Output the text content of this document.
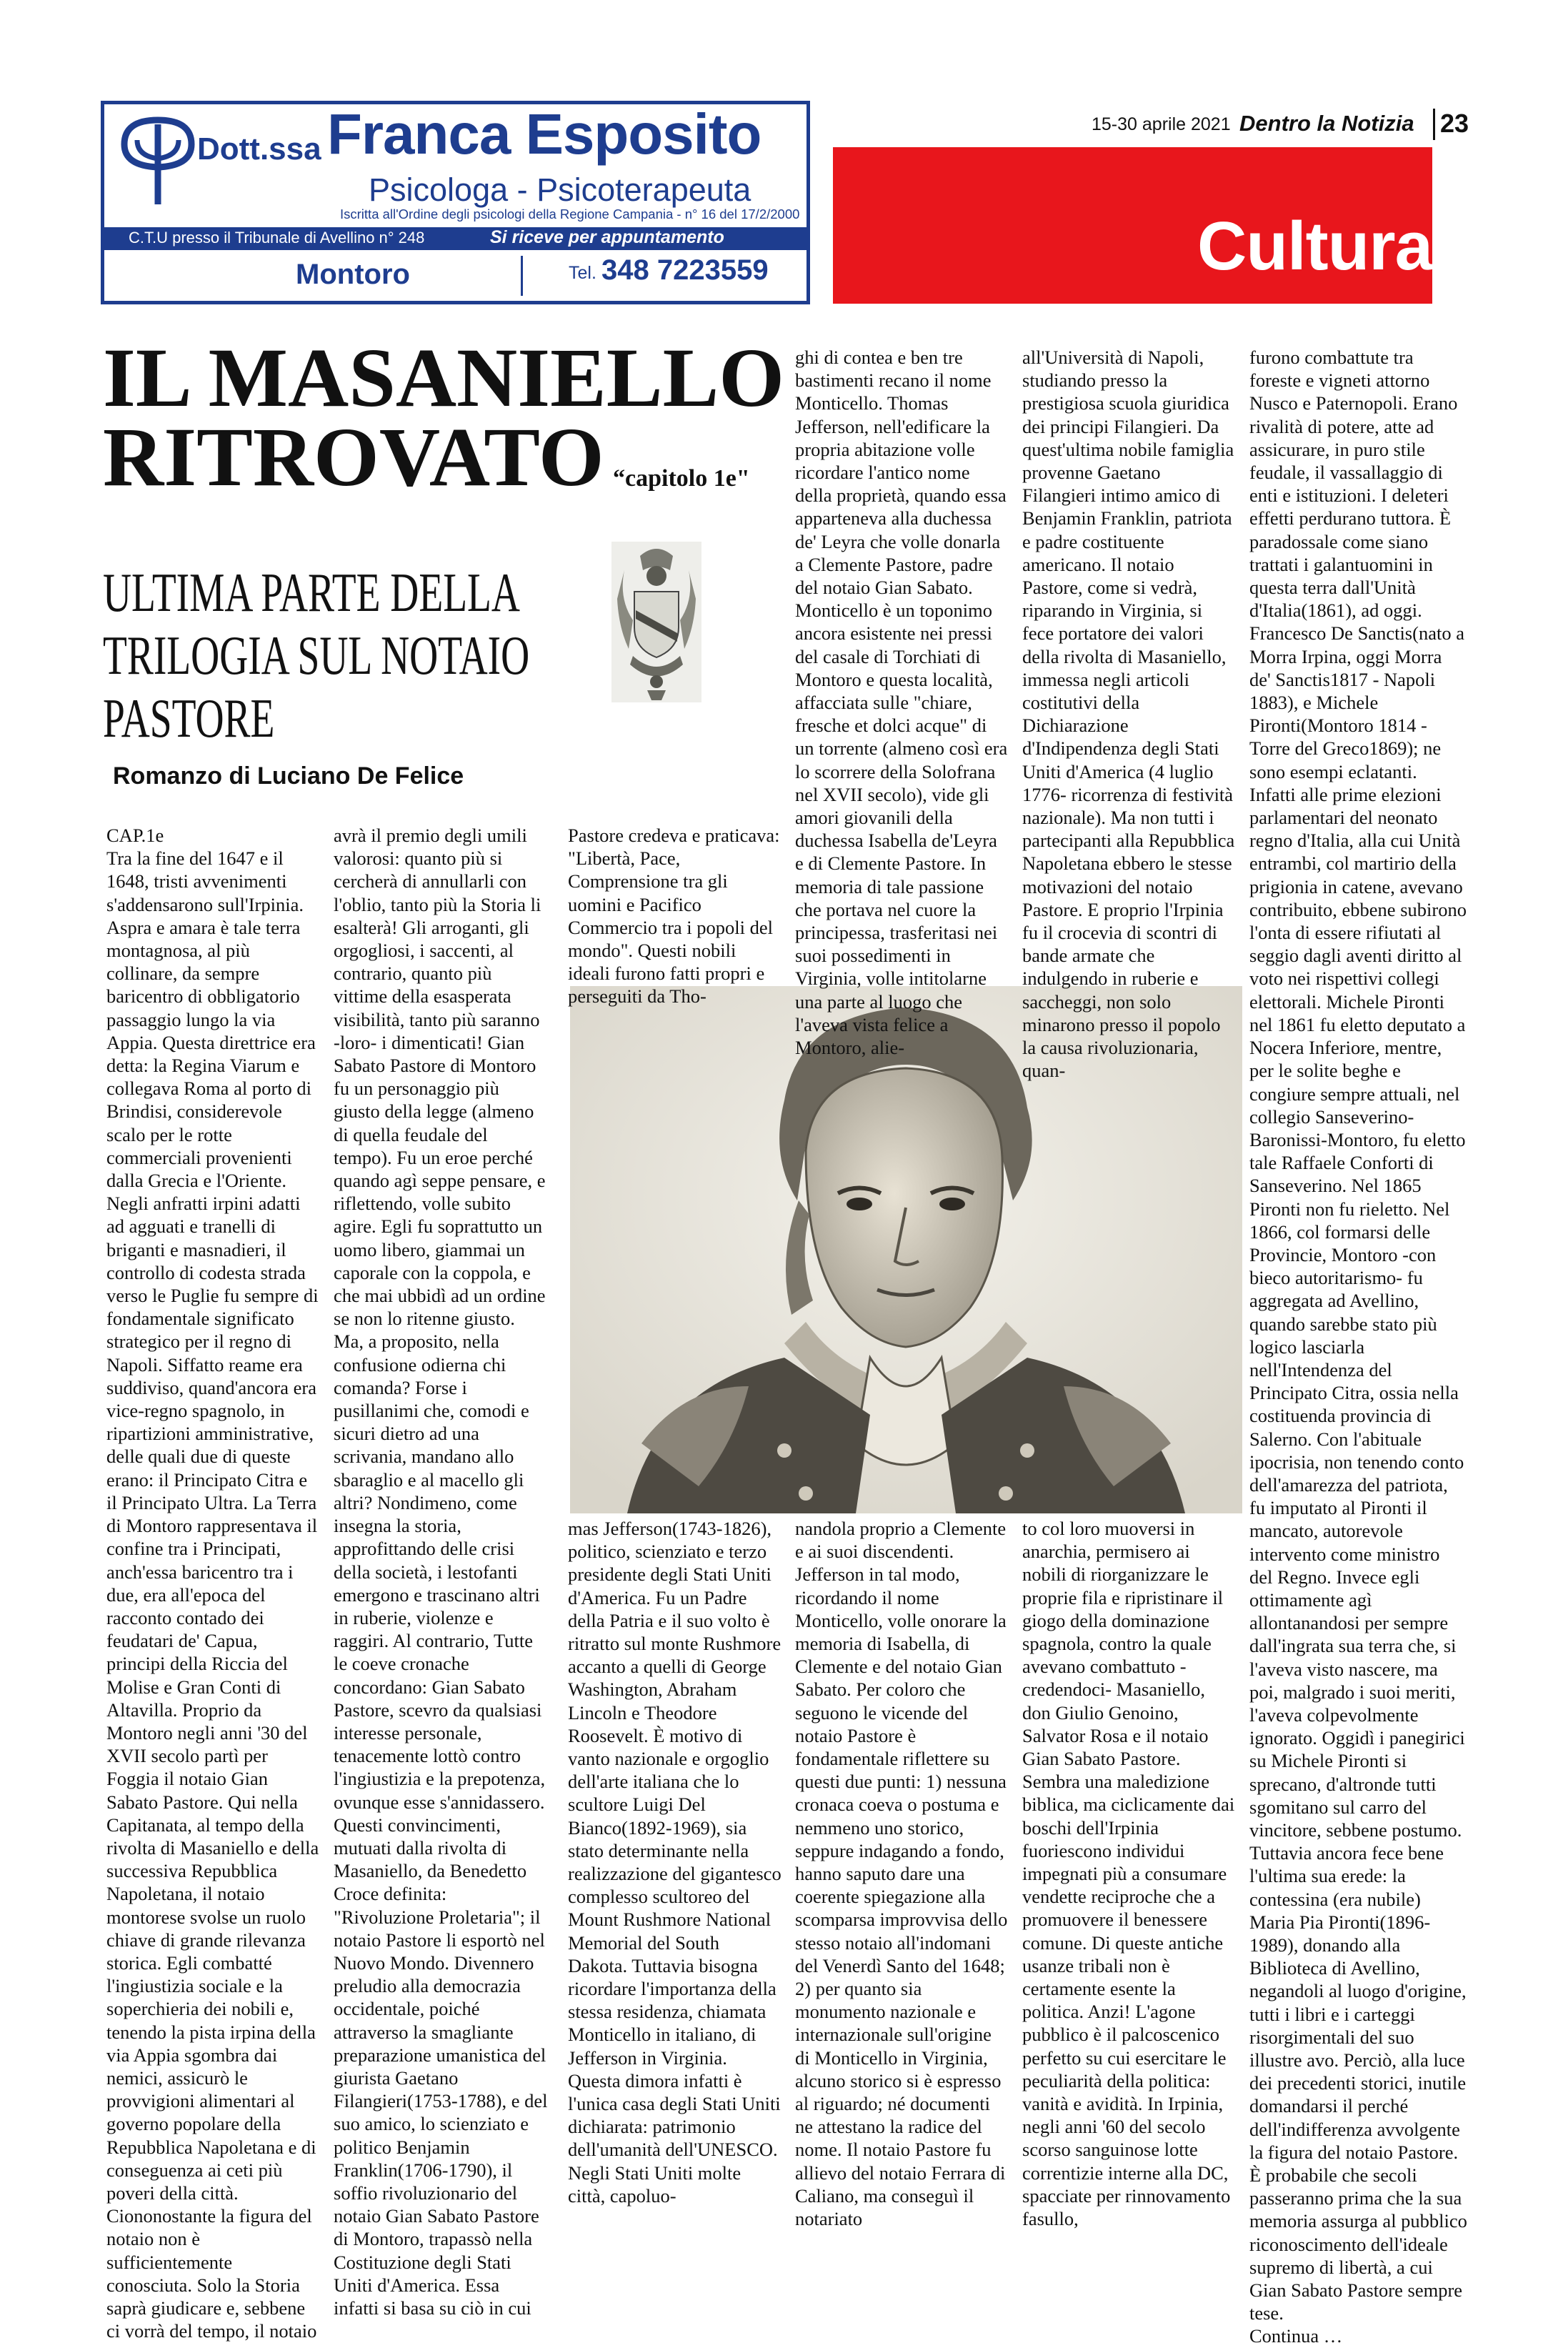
Dott.ssa Franca Esposito
Psicologa - Psicoterapeuta
Iscritta all'Ordine degli psicologi della Regione Campania - n° 16 del 17/2/2000
C.T.U presso il Tribunale di Avellino n° 248	Si riceve per appuntamento
Montoro	Tel. 348 7223559
15-30 aprile 2021 Dentro la Notizia 23
Cultura
IL MASANIELLO
RITROVATO “capitolo 1e"
ULTIMA PARTE DELLA
TRILOGIA SUL NOTAIO
PASTORE
Romanzo di Luciano De Felice

CAP.1e

Tra la fine del 1647 e il 1648, tristi avvenimenti s'addensarono sull'Irpinia. Aspra e amara è tale terra montagnosa, al più collinare, da sempre baricentro di obbligatorio passaggio lungo la via Appia. Questa direttrice era detta: la Regina Viarum e collegava Roma al porto di Brindisi, considerevole scalo per le rotte commerciali provenienti dalla Grecia e l'Oriente. Negli anfratti irpini adatti ad agguati e tranelli di briganti e masnadieri, il controllo di codesta strada verso le Puglie fu sempre di fondamentale significato strategico per il regno di Napoli. Siffatto reame era suddiviso, quand'ancora era vice-regno spagnolo, in ripartizioni amministrative, delle quali due di queste erano: il Principato Citra e il Principato Ultra. La Terra di Montoro rappresentava il confine tra i Principati, anch'essa baricentro tra i due, era all'epoca del racconto contado dei feudatari de' Capua, principi della Riccia del Molise e Gran Conti di Altavilla. Proprio da Montoro negli anni '30 del XVII secolo partì per Foggia il notaio Gian Sabato Pastore. Qui nella Capitanata, al tempo della rivolta di Masaniello e della successiva Repubblica Napoletana, il notaio montorese svolse un ruolo chiave di grande rilevanza storica. Egli combatté l'ingiustizia sociale e la soperchieria dei nobili e, tenendo la pista irpina della via Appia sgombra dai nemici, assicurò le provvigioni alimentari al governo popolare della Repubblica Napoletana e di conseguenza ai ceti più poveri della città. Ciononostante la figura del notaio non è sufficientemente conosciuta. Solo la Storia saprà giudicare e, sebbene ci vorrà del tempo, il notaio

avrà il premio degli umili valorosi: quanto più si cercherà di annullarli con l'oblio, tanto più la Storia li esalterà! Gli arroganti, gli orgogliosi, i saccenti, al contrario, quanto più vittime della esasperata visibilità, tanto più saranno -loro- i dimenticati! Gian Sabato Pastore di Montoro fu un personaggio più giusto della legge (almeno di quella feudale del tempo). Fu un eroe perché quando agì seppe pensare, e riflettendo, volle subito agire. Egli fu soprattutto un uomo libero, giammai un caporale con la coppola, e che mai ubbidì ad un ordine se non lo ritenne giusto. Ma, a proposito, nella confusione odierna chi comanda? Forse i pusillanimi che, comodi e sicuri dietro ad una scrivania, mandano allo sbaraglio e al macello gli altri? Nondimeno, come insegna la storia, approfittando delle crisi della società, i lestofanti emergono e trascinano altri in ruberie, violenze e raggiri. Al contrario, Tutte le coeve cronache concordano: Gian Sabato Pastore, scevro da qualsiasi interesse personale, tenacemente lottò contro l'ingiustizia e la prepotenza, ovunque esse s'annidassero. Questi convincimenti, mutuati dalla rivolta di Masaniello, da Benedetto Croce definita: "Rivoluzione Proletaria"; il notaio Pastore li esportò nel Nuovo Mondo. Divennero preludio alla democrazia occidentale, poiché attraverso la smagliante preparazione umanistica del giurista Gaetano Filangieri(1753-1788), e del suo amico, lo scienziato e politico Benjamin Franklin(1706-1790), il soffio rivoluzionario del notaio Gian Sabato Pastore di Montoro, trapassò nella Costituzione degli Stati Uniti d'America. Essa infatti si basa su ciò in cui

Pastore credeva e praticava: "Libertà, Pace, Comprensione tra gli uomini e Pacifico Commercio tra i popoli del mondo". Questi nobili ideali furono fatti propri e perseguiti da Tho-

mas Jefferson(1743-1826), politico, scienziato e terzo presidente degli Stati Uniti d'America. Fu un Padre della Patria e il suo volto è ritratto sul monte Rushmore accanto a quelli di George Washington, Abraham Lincoln e Theodore Roosevelt. È motivo di vanto nazionale e orgoglio dell'arte italiana che lo scultore Luigi Del Bianco(1892-1969), sia stato determinante nella realizzazione del gigantesco complesso scultoreo del Mount Rushmore National Memorial del South Dakota. Tuttavia bisogna ricordare l'importanza della stessa residenza, chiamata Monticello in italiano, di Jefferson in Virginia. Questa dimora infatti è l'unica casa degli Stati Uniti dichiarata: patrimonio dell'umanità dell'UNESCO. Negli Stati Uniti molte città, capoluo-

ghi di contea e ben tre bastimenti recano il nome Monticello. Thomas Jefferson, nell'edificare la propria abitazione volle ricordare l'antico nome della proprietà, quando essa apparteneva alla duchessa de' Leyra che volle donarla a Clemente Pastore, padre del notaio Gian Sabato. Monticello è un toponimo ancora esistente nei pressi del casale di Torchiati di Montoro e questa località, affacciata sulle "chiare, fresche et dolci acque" di un torrente (almeno così era lo scorrere della Solofrana nel XVII secolo), vide gli amori giovanili della duchessa Isabella de'Leyra e di Clemente Pastore. In memoria di tale passione che portava nel cuore la principessa, trasferitasi nei suoi possedimenti in Virginia, volle intitolarne una parte al luogo che l'aveva vista felice a Montoro, alie-

nandola proprio a Clemente e ai suoi discendenti. Jefferson in tal modo, ricordando il nome Monticello, volle onorare la memoria di Isabella, di Clemente e del notaio Gian Sabato. Per coloro che seguono le vicende del notaio Pastore è fondamentale riflettere su questi due punti: 1) nessuna cronaca coeva o postuma e nemmeno uno storico, seppure indagando a fondo, hanno saputo dare una coerente spiegazione alla scomparsa improvvisa dello stesso notaio all'indomani del Venerdì Santo del 1648; 2) per quanto sia monumento nazionale e internazionale sull'origine di Monticello in Virginia, alcuno storico si è espresso al riguardo; né documenti ne attestano la radice del nome. Il notaio Pastore fu allievo del notaio Ferrara di Caliano, ma conseguì il notariato

all'Università di Napoli, studiando presso la prestigiosa scuola giuridica dei principi Filangieri. Da quest'ultima nobile famiglia provenne Gaetano Filangieri intimo amico di Benjamin Franklin, patriota e padre costituente americano. Il notaio Pastore, come si vedrà, riparando in Virginia, si fece portatore dei valori della rivolta di Masaniello, immessa negli articoli costitutivi della Dichiarazione d'Indipendenza degli Stati Uniti d'America (4 luglio 1776- ricorrenza di festività nazionale). Ma non tutti i partecipanti alla Repubblica Napoletana ebbero le stesse motivazioni del notaio Pastore. E proprio l'Irpinia fu il crocevia di scontri di bande armate che indulgendo in ruberie e saccheggi, non solo minarono presso il popolo la causa rivoluzionaria, quan-

to col loro muoversi in anarchia, permisero ai nobili di riorganizzare le proprie fila e ripristinare il giogo della dominazione spagnola, contro la quale avevano combattuto - credendoci- Masaniello, don Giulio Genoino, Salvator Rosa e il notaio Gian Sabato Pastore. Sembra una maledizione biblica, ma ciclicamente dai boschi dell'Irpinia fuoriescono individui impegnati più a consumare vendette reciproche che a promuovere il benessere comune. Di queste antiche usanze tribali non è certamente esente la politica. Anzi! L'agone pubblico è il palcoscenico perfetto su cui esercitare le peculiarità della politica: vanità e avidità. In Irpinia, negli anni '60 del secolo scorso sanguinose lotte correntizie interne alla DC, spacciate per rinnovamento fasullo,

furono combattute tra foreste e vigneti attorno Nusco e Paternopoli. Erano rivalità di potere, atte ad assicurare, in puro stile feudale, il vassallaggio di enti e istituzioni. I deleteri effetti perdurano tuttora. È paradossale come siano trattati i galantuomini in questa terra dall'Unità d'Italia(1861), ad oggi. Francesco De Sanctis(nato a Morra Irpina, oggi Morra de' Sanctis1817 - Napoli 1883), e Michele Pironti(Montoro 1814 - Torre del Greco1869); ne sono esempi eclatanti. Infatti alle prime elezioni parlamentari del neonato regno d'Italia, alla cui Unità entrambi, col martirio della prigionia in catene, avevano contribuito, ebbene subirono l'onta di essere rifiutati al seggio dagli aventi diritto al voto nei rispettivi collegi elettorali. Michele Pironti nel 1861 fu eletto deputato a Nocera Inferiore, mentre, per le solite beghe e congiure sempre attuali, nel collegio Sanseverino-Baronissi-Montoro, fu eletto tale Raffaele Conforti di Sanseverino. Nel 1865 Pironti non fu rieletto. Nel 1866, col formarsi delle Provincie, Montoro -con bieco autoritarismo- fu aggregata ad Avellino, quando sarebbe stato più logico lasciarla nell'Intendenza del Principato Citra, ossia nella costituenda provincia di Salerno. Con l'abituale ipocrisia, non tenendo conto dell'amarezza del patriota, fu imputato al Pironti il mancato, autorevole intervento come ministro del Regno. Invece egli ottimamente agì allontanandosi per sempre dall'ingrata sua terra che, si l'aveva visto nascere, ma poi, malgrado i suoi meriti, l'aveva colpevolmente ignorato. Oggidì i panegirici su Michele Pironti si sprecano, d'altronde tutti sgomitano sul carro del vincitore, sebbene postumo. Tuttavia ancora fece bene l'ultima sua erede: la contessina (era nubile) Maria Pia Pironti(1896-1989), donando alla Biblioteca di Avellino, negandoli al luogo d'origine, tutti i libri e i carteggi risorgimentali del suo illustre avo. Perciò, alla luce dei precedenti storici, inutile domandarsi il perché dell'indifferenza avvolgente la figura del notaio Pastore. È probabile che secoli passeranno prima che la sua memoria assurga al pubblico riconoscimento dell'ideale supremo di libertà, a cui Gian Sabato Pastore sempre tese.

Continua …
